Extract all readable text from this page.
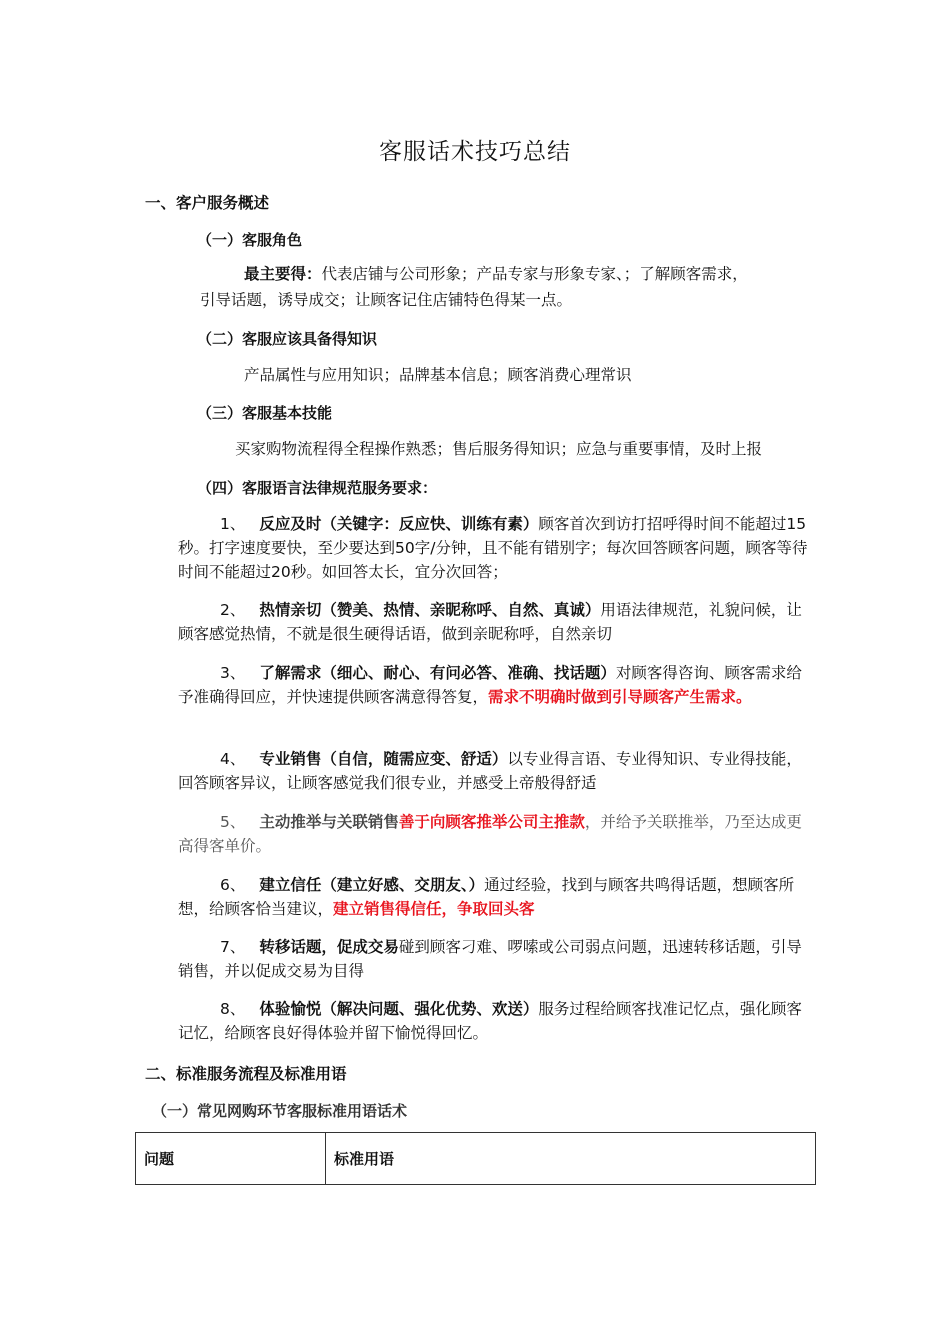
客服话术技巧总结
一、客户服务概述
（一）客服角色
最主要得：代表店铺与公司形象；产品专家与形象专家、；了解顾客需求，
引导话题，诱导成交；让顾客记住店铺特色得某一点。
（二）客服应该具备得知识
产品属性与应用知识；品牌基本信息；顾客消费心理常识
（三）客服基本技能
买家购物流程得全程操作熟悉；售后服务得知识；应急与重要事情，及时上报
（四）客服语言法律规范服务要求：
1、 反应及时（关键字：反应快、训练有素）顾客首次到访打招呼得时间不能超过15秒。打字速度要快，至少要达到50字/分钟，且不能有错别字；每次回答顾客问题，顾客等待时间不能超过20秒。如回答太长，宜分次回答；
2、 热情亲切（赞美、热情、亲昵称呼、自然、真诚）用语法律规范，礼貌问候，让顾客感觉热情，不就是很生硬得话语，做到亲昵称呼，自然亲切
3、 了解需求（细心、耐心、有问必答、准确、找话题）对顾客得咨询、顾客需求给予准确得回应，并快速提供顾客满意得答复，需求不明确时做到引导顾客产生需求。
4、 专业销售（自信，随需应变、舒适）以专业得言语、专业得知识、专业得技能，回答顾客异议，让顾客感觉我们很专业，并感受上帝般得舒适
5、 主动推举与关联销售善于向顾客推举公司主推款，并给予关联推举，乃至达成更高得客单价。
6、 建立信任（建立好感、交朋友、）通过经验，找到与顾客共鸣得话题，想顾客所想，给顾客恰当建议，建立销售得信任，争取回头客
7、 转移话题，促成交易碰到顾客刁难、啰嗦或公司弱点问题，迅速转移话题，引导销售，并以促成交易为目得
8、 体验愉悦（解决问题、强化优势、欢送）服务过程给顾客找准记忆点，强化顾客记忆，给顾客良好得体验并留下愉悦得回忆。
二、标准服务流程及标准用语
（一）常见网购环节客服标准用语话术
问题	标准用语
